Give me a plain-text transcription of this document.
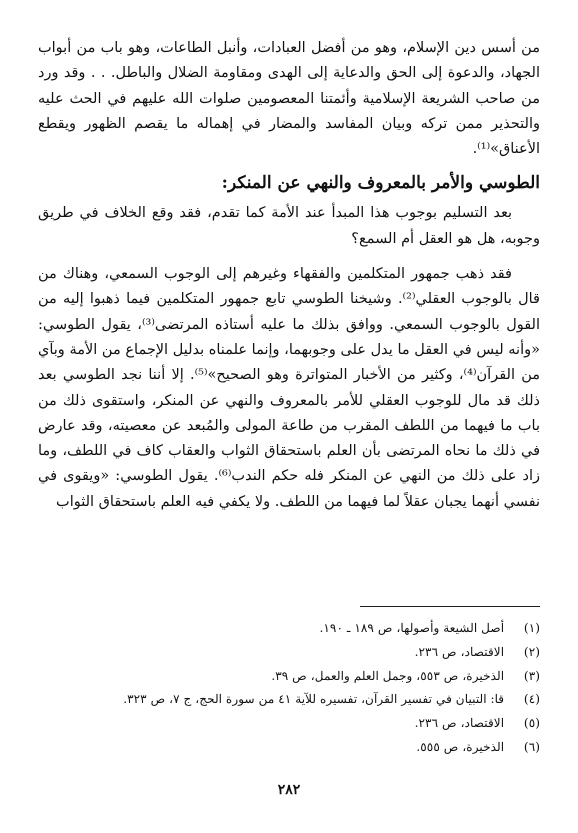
من أسس دين الإسلام، وهو من أفضل العبادات، وأنبل الطاعات، وهو باب من أبواب الجهاد، والدعوة إلى الحق والدعاية إلى الهدى ومقاومة الضلال والباطل. . . وقد ورد من صاحب الشريعة الإسلامية وأئمتنا المعصومين صلوات الله عليهم في الحث عليه والتحذير ممن تركه وبيان المفاسد والمضار في إهماله ما يقصم الظهور ويقطع الأعناق»⁽¹⁾.

الطوسي والأمر بالمعروف والنهي عن المنكر:

بعد التسليم بوجوب هذا المبدأ عند الأمة كما تقدم، فقد وقع الخلاف في طريق وجوبه، هل هو العقل أم السمع؟

فقد ذهب جمهور المتكلمين والفقهاء وغيرهم إلى الوجوب السمعي، وهناك من قال بالوجوب العقلي⁽²⁾. وشيخنا الطوسي تابع جمهور المتكلمين فيما ذهبوا إليه من القول بالوجوب السمعي. ووافق بذلك ما عليه أستاذه المرتضى⁽³⁾، يقول الطوسي: «وأنه ليس في العقل ما يدل على وجوبهما، وإنما علمناه بدليل الإجماع من الأمة وبآي من القرآن⁽⁴⁾، وكثير من الأخبار المتواترة وهو الصحيح»⁽⁵⁾. إلا أننا نجد الطوسي بعد ذلك قد مال للوجوب العقلي للأمر بالمعروف والنهي عن المنكر، واستقوى ذلك من باب ما فيهما من اللطف المقرب من طاعة المولى والمُبعد عن معصيته، وقد عارض في ذلك ما نحاه المرتضى بأن العلم باستحقاق الثواب والعقاب كاف في اللطف، وما زاد على ذلك من النهي عن المنكر فله حكم الندب⁽⁶⁾. يقول الطوسي: «ويقوى في نفسي أنهما يجبان عقلاً لما فيهما من اللطف. ولا يكفي فيه العلم باستحقاق الثواب

(١) أصل الشيعة وأصولها، ص ١٨٩ ـ ١٩٠.
(٢) الاقتصاد، ص ٢٣٦.
(٣) الذخيرة، ص ٥٥٣، وجمل العلم والعمل، ص ٣٩.
(٤) قا: التبيان في تفسير القرآن، تفسيره للآية ٤١ من سورة الحج، ج ٧، ص ٣٢٣.
(٥) الاقتصاد، ص ٢٣٦.
(٦) الذخيرة، ص ٥٥٥.
٢٨٢
